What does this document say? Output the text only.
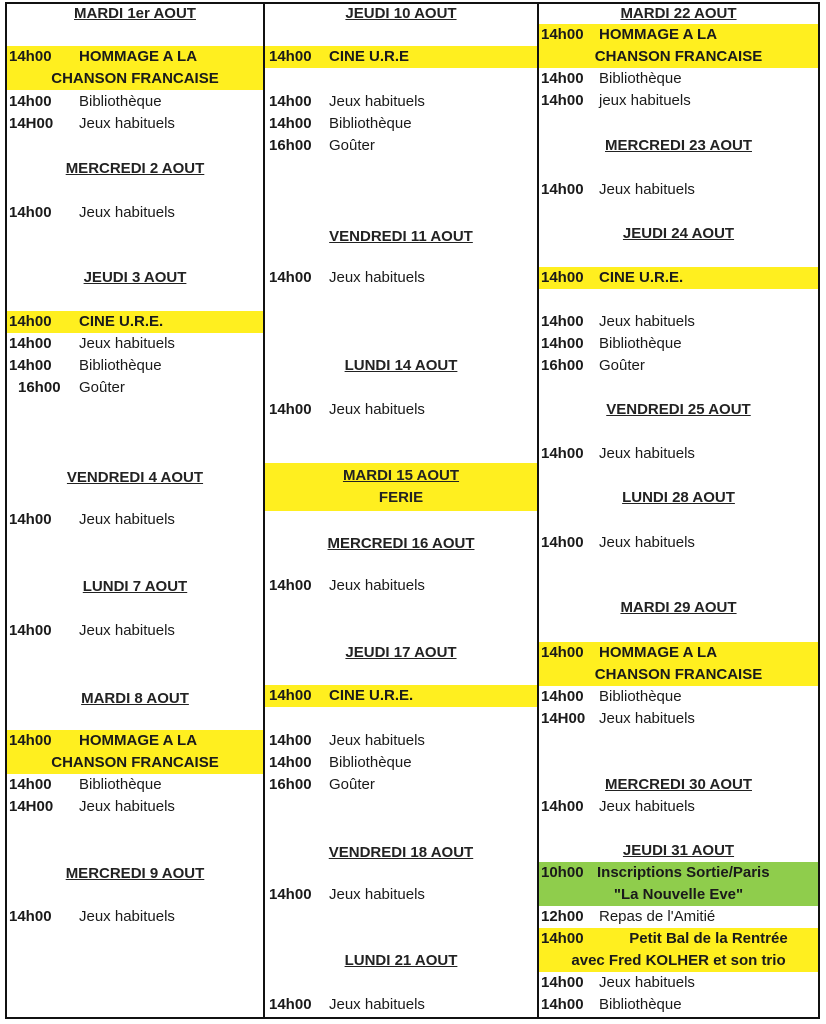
MARDI 1er AOUT
14h00 HOMMAGE A LA
CHANSON FRANCAISE
14h00 Bibliothèque
14H00 Jeux habituels
MERCREDI 2 AOUT
14h00 Jeux habituels
JEUDI 3 AOUT
14h00 CINE U.R.E.
14h00 Jeux habituels
14h00 Bibliothèque
16h00 Goûter
VENDREDI 4 AOUT
14h00 Jeux habituels
LUNDI 7 AOUT
14h00 Jeux habituels
MARDI 8 AOUT
14h00 HOMMAGE A LA
CHANSON FRANCAISE
14h00 Bibliothèque
14H00 Jeux habituels
MERCREDI 9 AOUT
14h00 Jeux habituels
JEUDI 10 AOUT
14h00 CINE U.R.E
14h00 Jeux habituels
14h00 Bibliothèque
16h00 Goûter
VENDREDI 11 AOUT
14h00 Jeux habituels
LUNDI 14 AOUT
14h00 Jeux habituels
MARDI 15 AOUT
FERIE
MERCREDI 16 AOUT
14h00 Jeux habituels
JEUDI 17 AOUT
14h00 CINE U.R.E.
14h00 Jeux habituels
14h00 Bibliothèque
16h00 Goûter
VENDREDI 18 AOUT
14h00 Jeux habituels
LUNDI 21 AOUT
14h00 Jeux habituels
MARDI 22 AOUT
14h00 HOMMAGE A LA
CHANSON FRANCAISE
14h00 Bibliothèque
14h00 jeux habituels
MERCREDI 23 AOUT
14h00 Jeux habituels
JEUDI 24 AOUT
14h00 CINE U.R.E.
14h00 Jeux habituels
14h00 Bibliothèque
16h00 Goûter
VENDREDI 25 AOUT
14h00 Jeux habituels
LUNDI 28 AOUT
14h00 Jeux habituels
MARDI 29 AOUT
14h00 HOMMAGE A LA
CHANSON FRANCAISE
14h00 Bibliothèque
14H00 Jeux habituels
MERCREDI 30 AOUT
14h00 Jeux habituels
JEUDI 31 AOUT
10h00 Inscriptions Sortie/Paris
"La Nouvelle Eve"
12h00 Repas de l'Amitié
14h00	Petit Bal de la Rentrée
avec Fred KOLHER et son trio
14h00 Jeux habituels
14h00 Bibliothèque
